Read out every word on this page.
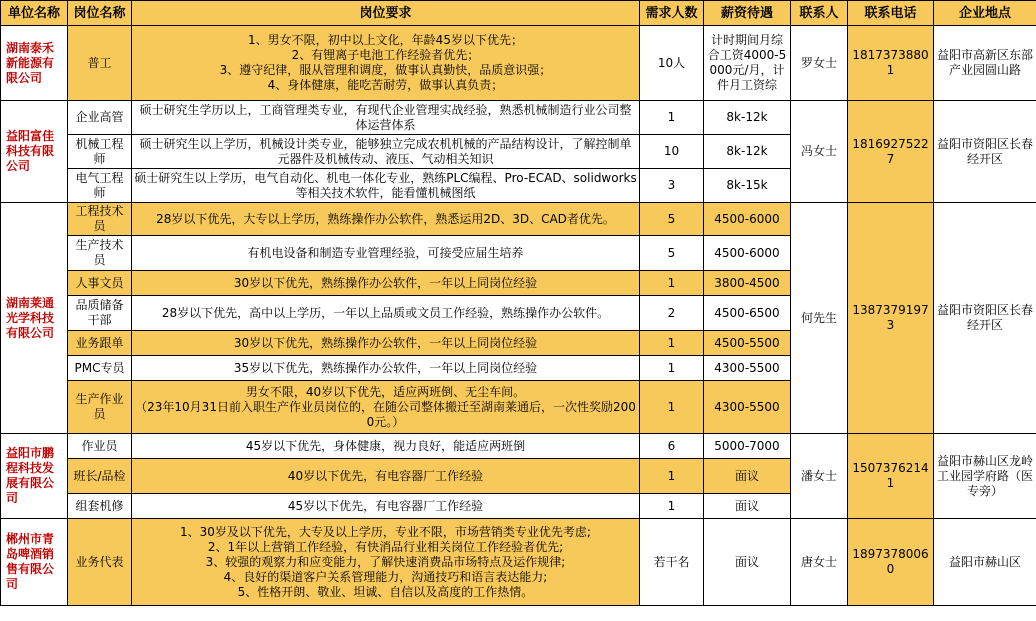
单位名称	岗位名称	岗位要求	需求人数	薪资待遇	联系人	联系电话	企业地点
湖南泰禾新能源有限公司	普工	1、男女不限，初中以上文化，年龄45岁以下优先；
2、有锂离子电池工作经验者优先；
3、遵守纪律，服从管理和调度，做事认真勤快，品质意识强；
4、身体健康，能吃苦耐劳，做事认真负责；	10人	计时期间月综合工资4000-5000元/月，计件月工资综	罗女士	18173738801	益阳市高新区东部产业园圆山路
益阳富佳科技有限公司	企业高管	硕士研究生学历以上，工商管理类专业，有现代企业管理实战经验，熟悉机械制造行业公司整体运营体系	1	8k-12k	冯女士	18169275227	益阳市资阳区长春经开区
	机械工程师	硕士研究生以上学历，机械设计类专业，能够独立完成农机机械的产品结构设计，了解控制单元器件及机械传动、液压、气动相关知识	10	8k-12k			
	电气工程师	硕士研究生以上学历，电气自动化、机电一体化专业，熟练PLC编程、Pro-ECAD、solidworks等相关技术软件，能看懂机械图纸	3	8k-15k			
湖南莱通光学科技有限公司	工程技术员	28岁以下优先，大专以上学历，熟练操作办公软件，熟悉运用2D、3D、CAD者优先。	5	4500-6000	何先生	13873791973	益阳市资阳区长春经开区
	生产技术员	有机电设备和制造专业管理经验，可接受应届生培养	5	4500-6000			
	人事文员	30岁以下优先，熟练操作办公软件，一年以上同岗位经验	1	3800-4500			
	品质储备干部	28岁以下优先，高中以上学历，一年以上品质或文员工作经验，熟练操作办公软件。	2	4500-6500			
	业务跟单	30岁以下优先，熟练操作办公软件，一年以上同岗位经验	1	4500-5500			
	PMC专员	35岁以下优先，熟练操作办公软件，一年以上同岗位经验	1	4300-5500			
	生产作业员	男女不限，40岁以下优先，适应两班倒、无尘车间。
（23年10月31日前入职生产作业员岗位的，在随公司整体搬迁至湖南莱通后，一次性奖励2000元。）	1	4300-5500			
益阳市鹏程科技发展有限公司	作业员	45岁以下优先，身体健康，视力良好，能适应两班倒	6	5000-7000	潘女士	15073762141	益阳市赫山区龙岭 工业园学府路（医专旁）
	班长/品检	40岁以下优先，有电容器厂工作经验	1	面议			
	组套机修	45岁以下优先，有电容器厂工作经验	1	面议			
郴州市青岛啤酒销售有限公司	业务代表	1、30岁及以下优先，大专及以上学历，专业不限，市场营销类专业优先考虑;
2、1年以上营销工作经验，有快消品行业相关岗位工作经验者优先;
3、较强的观察力和应变能力，了解快速消费品市场特点及运作规律;
4、良好的渠道客户关系管理能力，沟通技巧和语言表达能力;
5、性格开朗、敬业、坦诚、自信以及高度的工作热情。	若干名	面议	唐女士	18973780060	益阳市赫山区
